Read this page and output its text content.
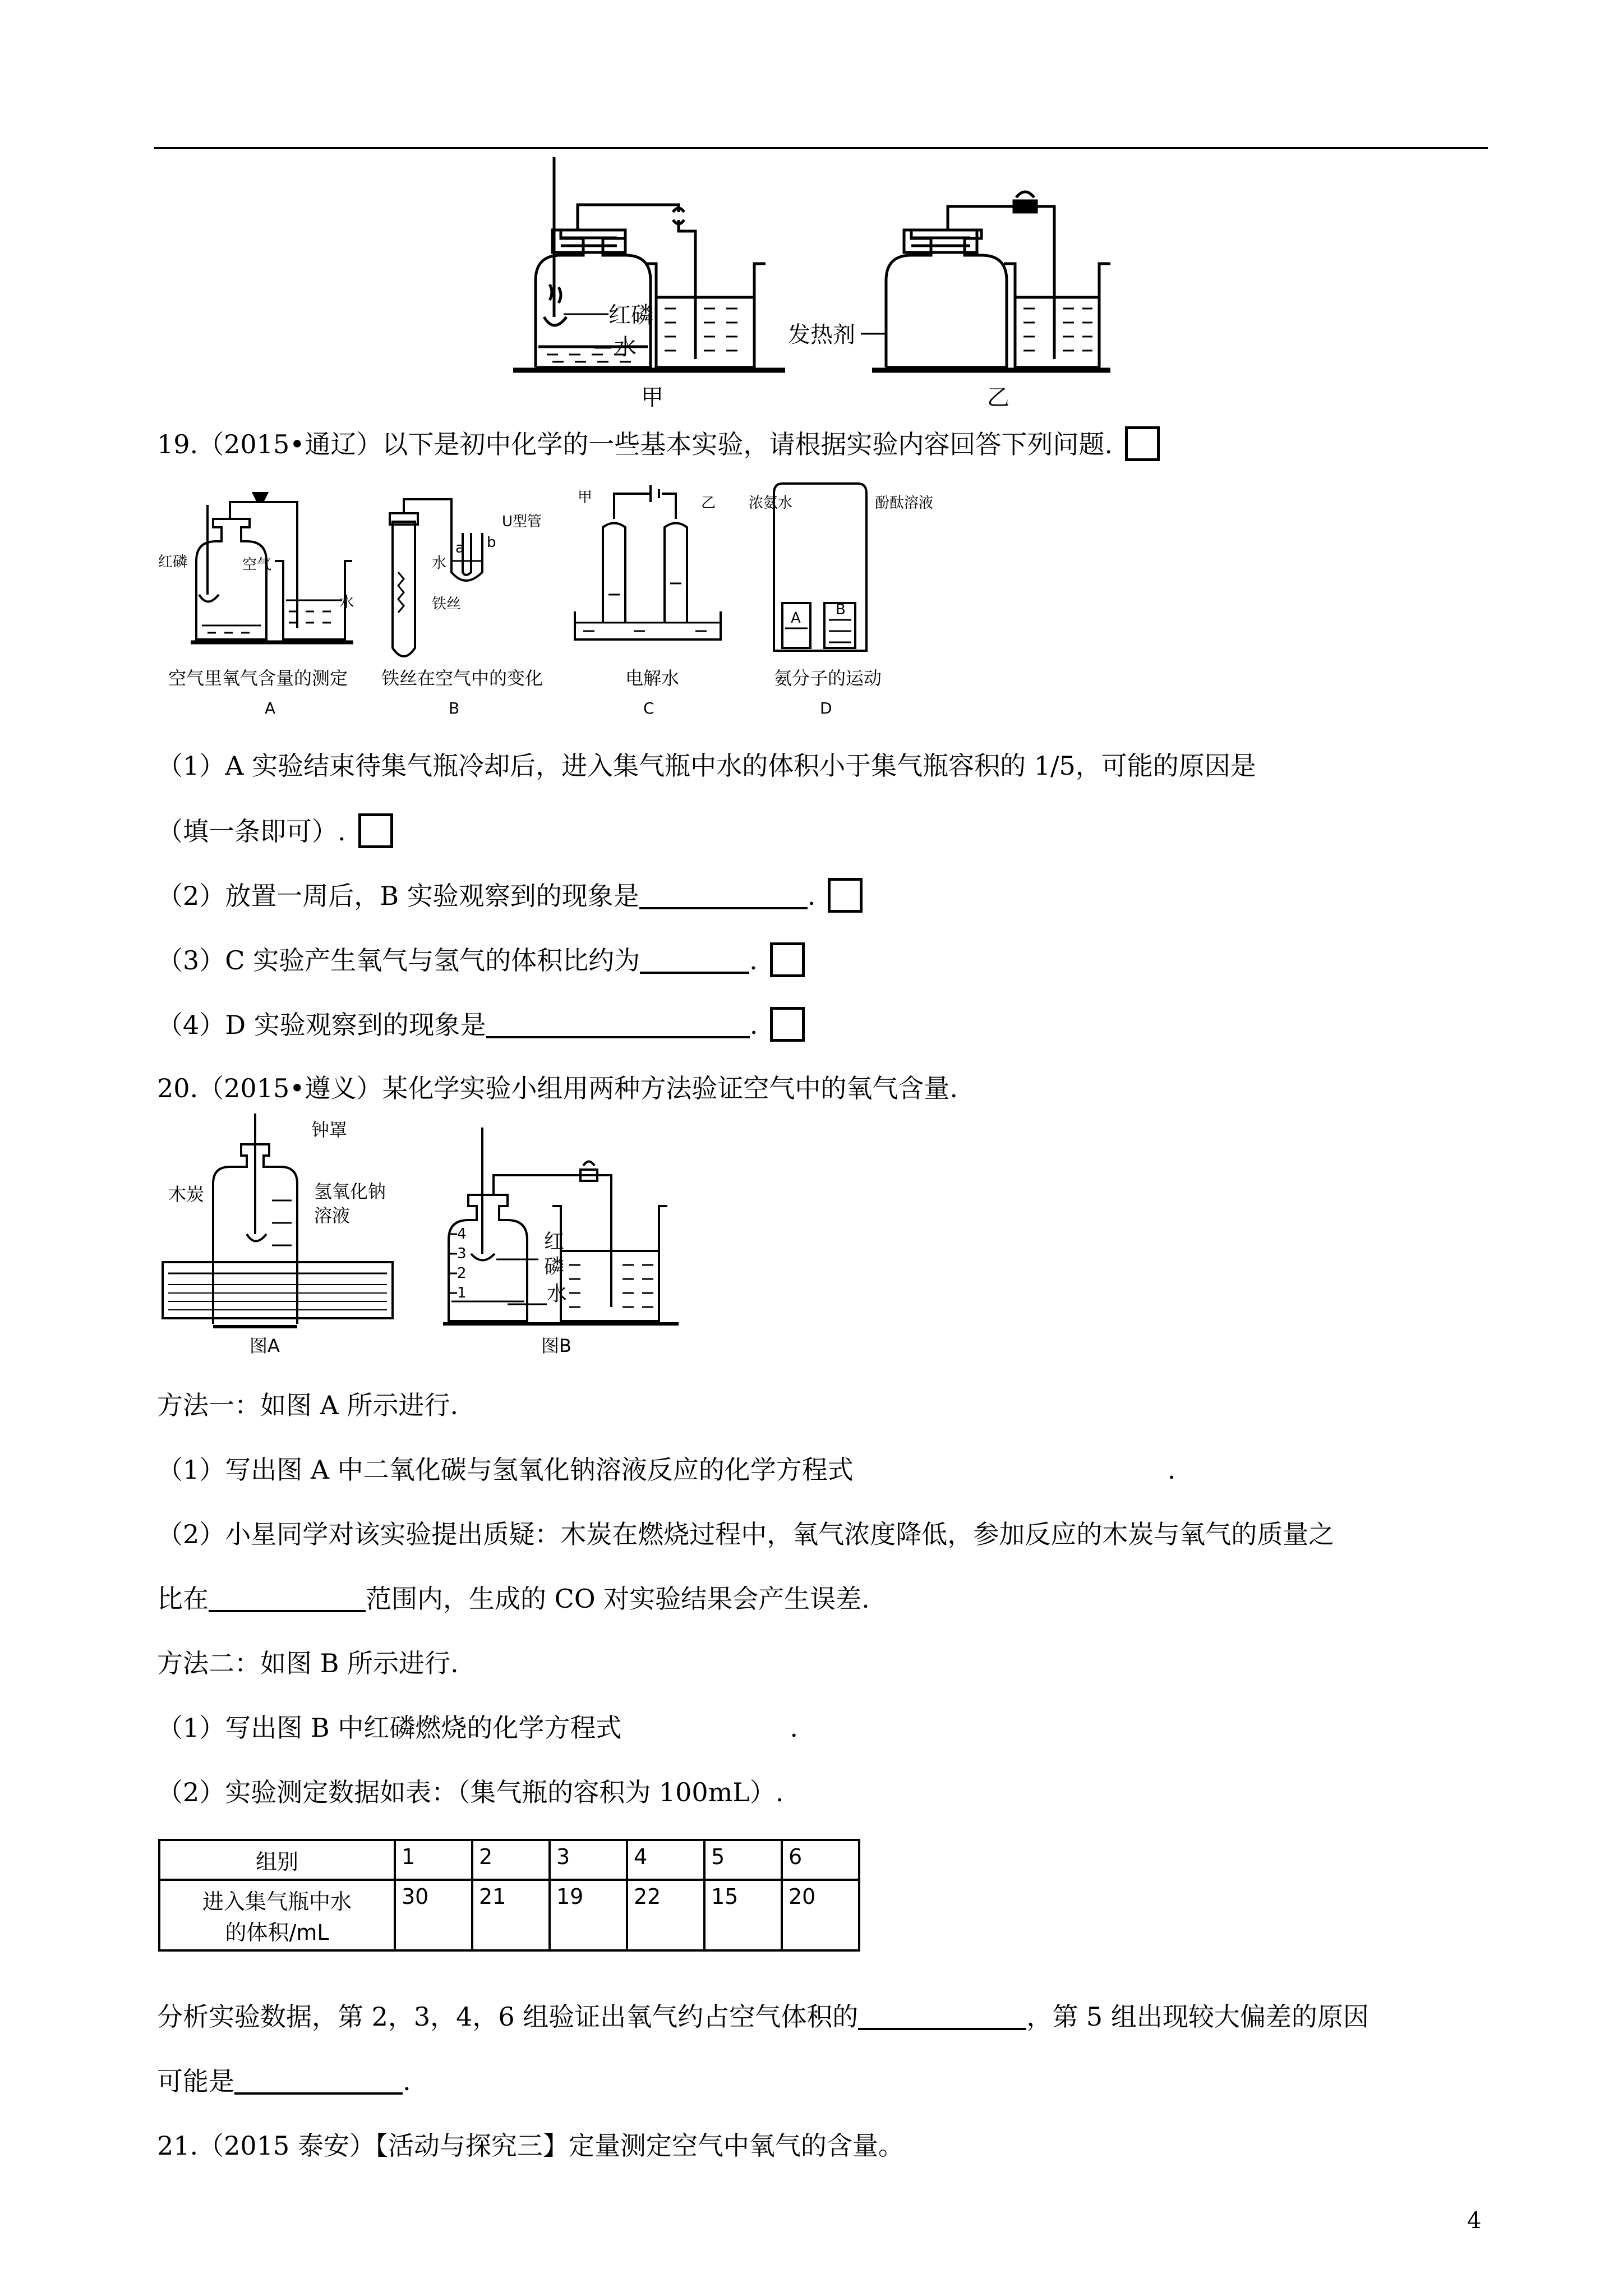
红磷
水
甲
发热剂
乙
19.（2015•通辽）以下是初中化学的一些基本实验，请根据实验内容回答下列问题.
红磷	空气
水
U型管
a b
水
铁丝
甲	乙 浓氨水	酚酞溶液
A B
空气里氧气含量的测定
A
铁丝在空气中的变化
B
电解水
C
氨分子的运动
D
（1）A 实验结束待集气瓶冷却后，进入集气瓶中水的体积小于集气瓶容积的 1/5，可能的原因是
（填一条即可）.
（2）放置一周后，B 实验观察到的现象是	.
（3）C 实验产生氧气与氢气的体积比约为	.
（4）D 实验观察到的现象是	.
20.（2015•遵义）某化学实验小组用两种方法验证空气中的氧气含量.
钟罩
木炭	氢氧化钠
溶液
4
3
2
1
红
磷
水
图A	图B
方法一：如图 A 所示进行.
（1）写出图 A 中二氧化碳与氢氧化钠溶液反应的化学方程式	.
（2）小星同学对该实验提出质疑：木炭在燃烧过程中，氧气浓度降低，参加反应的木炭与氧气的质量之
比在	范围内，生成的 CO 对实验结果会产生误差.
方法二：如图 B 所示进行.
（1）写出图 B 中红磷燃烧的化学方程式	.
（2）实验测定数据如表：（集气瓶的容积为 100mL）.
组别	1	2	3	4	5	6

进入集气瓶中水
的体积/mL	30	21	19	22	15	20
分析实验数据，第 2，3，4，6 组验证出氧气约占空气体积的	，第 5 组出现较大偏差的原因
可能是	.
21.（2015 泰安）【活动与探究三】定量测定空气中氧气的含量。
4
